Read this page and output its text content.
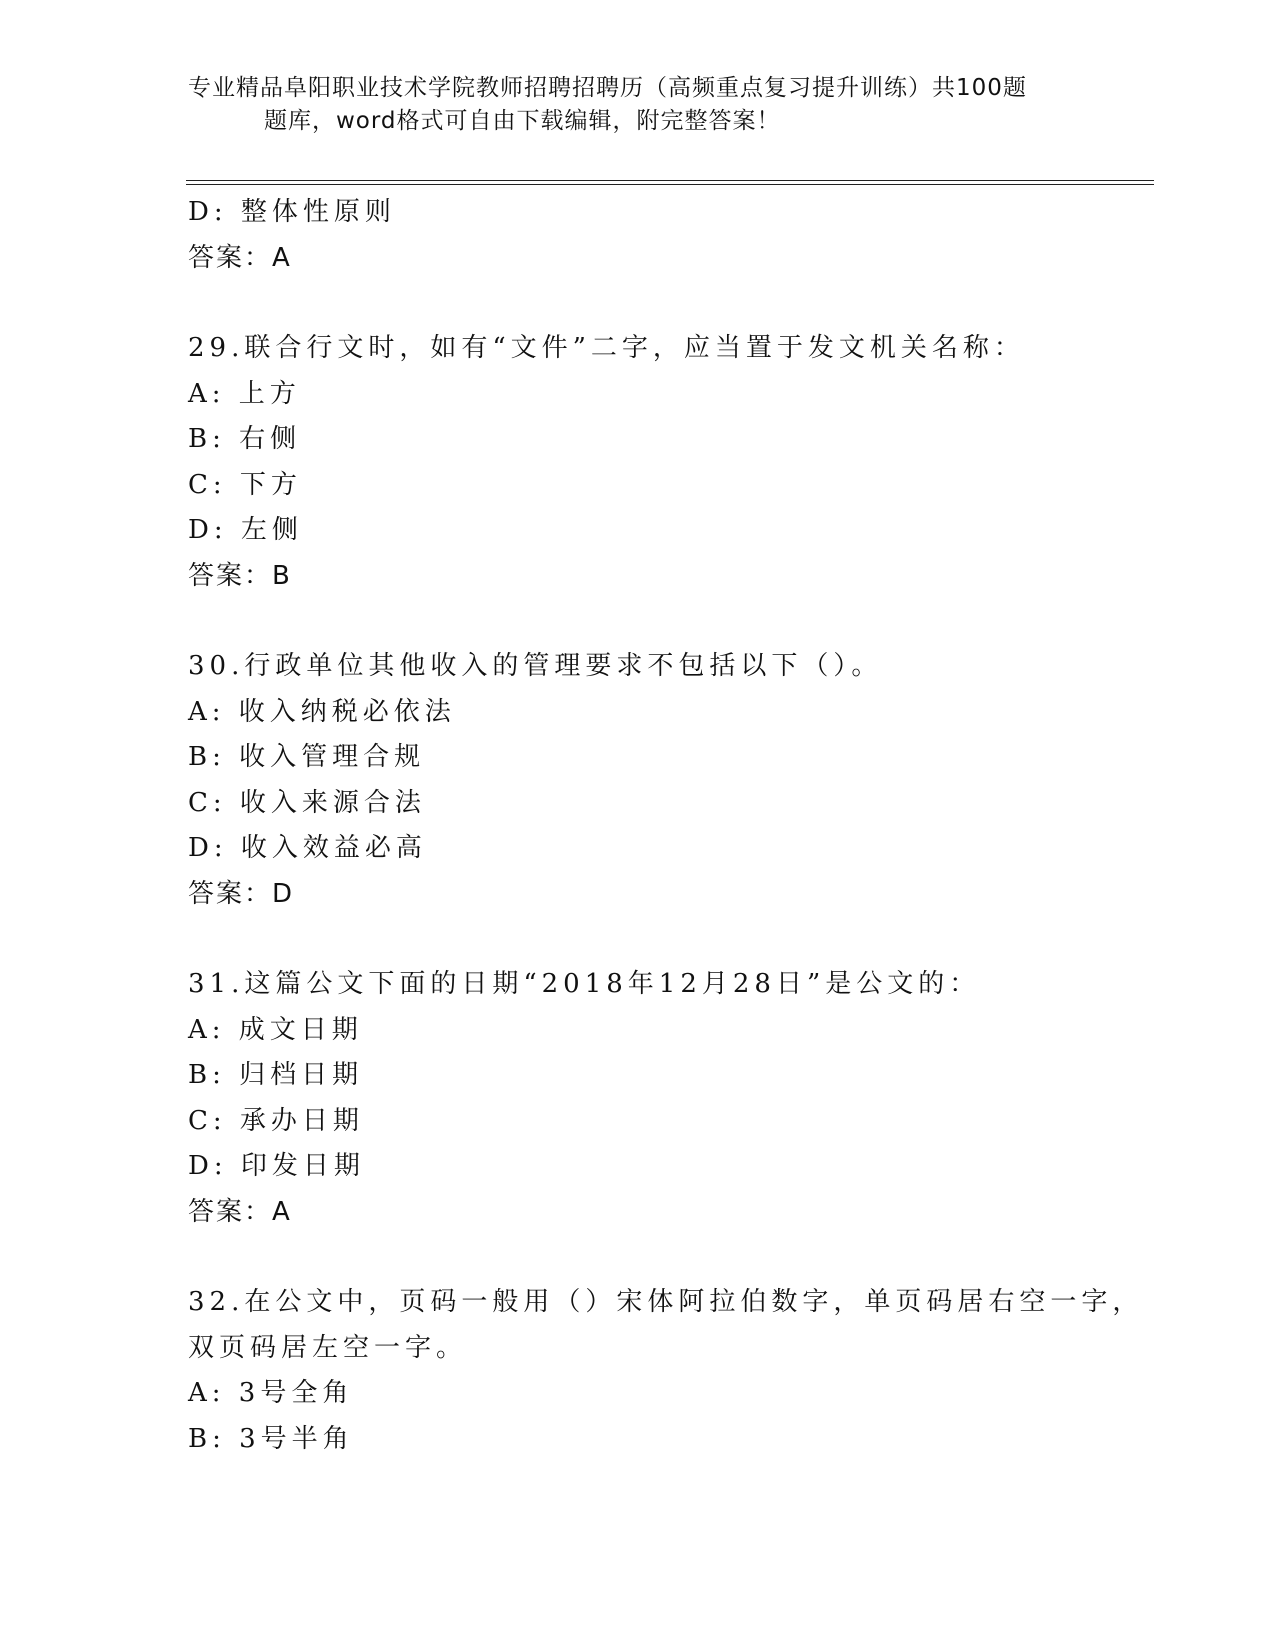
专业精品阜阳职业技术学院教师招聘招聘历（高频重点复习提升训练）共100题
题库，word格式可自由下载编辑，附完整答案！
D: 整体性原则
答案：A
29.联合行文时，如有“文件”二字，应当置于发文机关名称：
A: 上方
B: 右侧
C: 下方
D: 左侧
答案：B
30.行政单位其他收入的管理要求不包括以下（）。
A: 收入纳税必依法
B: 收入管理合规
C: 收入来源合法
D: 收入效益必高
答案：D
31.这篇公文下面的日期“2018年12月28日”是公文的：
A: 成文日期
B: 归档日期
C: 承办日期
D: 印发日期
答案：A
32.在公文中，页码一般用（）宋体阿拉伯数字，单页码居右空一字，
双页码居左空一字。
A: 3号全角
B: 3号半角
